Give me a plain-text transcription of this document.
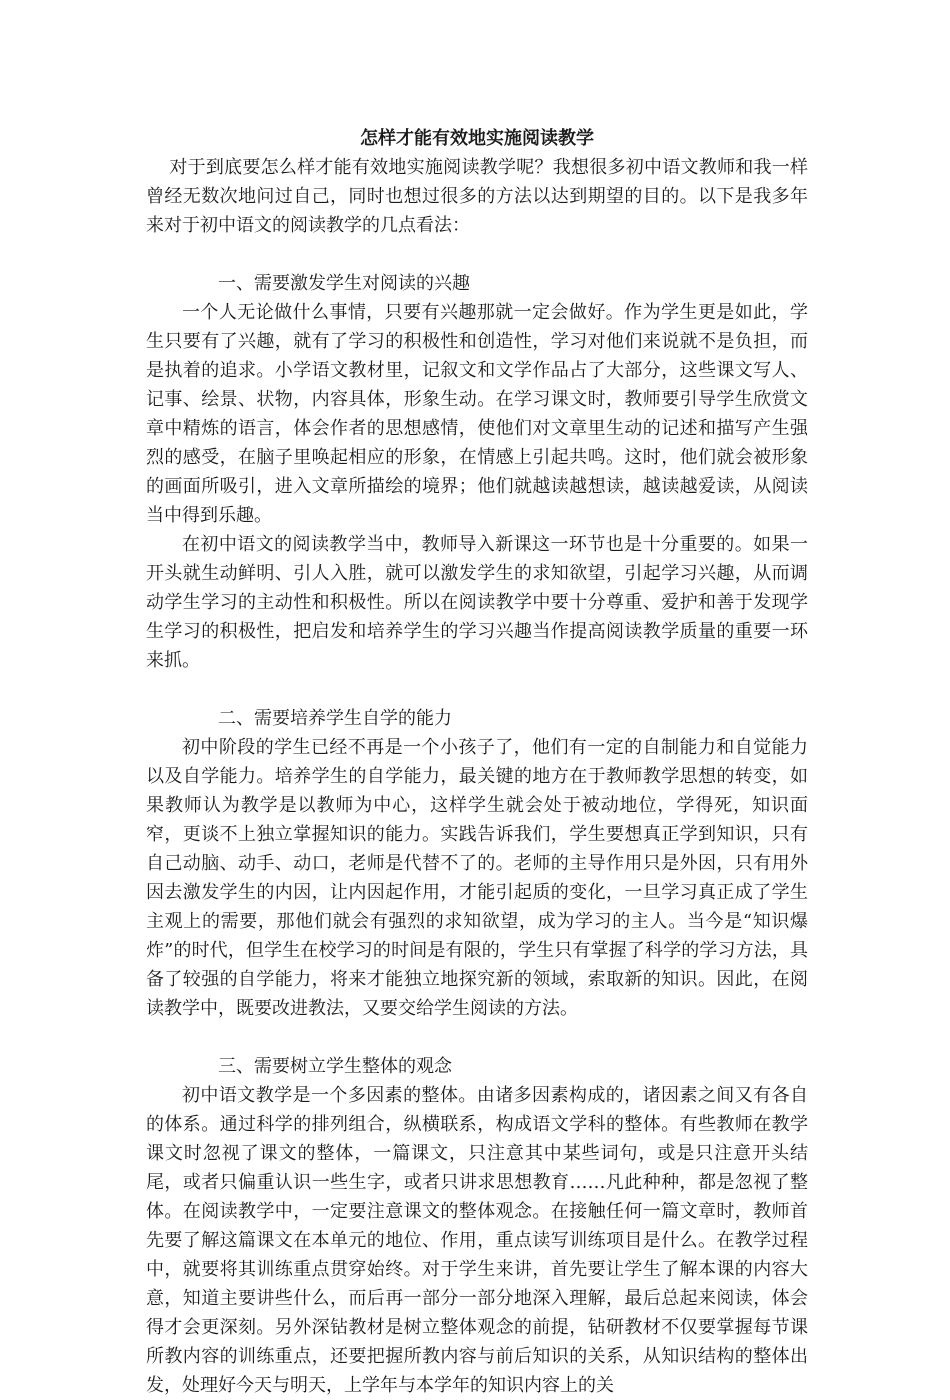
怎样才能有效地实施阅读教学

对于到底要怎么样才能有效地实施阅读教学呢？我想很多初中语文教师和我一样曾经无数次地问过自己，同时也想过很多的方法以达到期望的目的。以下是我多年来对于初中语文的阅读教学的几点看法：

一、需要激发学生对阅读的兴趣

一个人无论做什么事情，只要有兴趣那就一定会做好。作为学生更是如此，学生只要有了兴趣，就有了学习的积极性和创造性，学习对他们来说就不是负担，而是执着的追求。小学语文教材里，记叙文和文学作品占了大部分，这些课文写人、记事、绘景、状物，内容具体，形象生动。在学习课文时，教师要引导学生欣赏文章中精炼的语言，体会作者的思想感情，使他们对文章里生动的记述和描写产生强烈的感受，在脑子里唤起相应的形象，在情感上引起共鸣。这时，他们就会被形象的画面所吸引，进入文章所描绘的境界；他们就越读越想读，越读越爱读，从阅读当中得到乐趣。

在初中语文的阅读教学当中，教师导入新课这一环节也是十分重要的。如果一开头就生动鲜明、引人入胜，就可以激发学生的求知欲望，引起学习兴趣，从而调动学生学习的主动性和积极性。所以在阅读教学中要十分尊重、爱护和善于发现学生学习的积极性，把启发和培养学生的学习兴趣当作提高阅读教学质量的重要一环来抓。

二、需要培养学生自学的能力

初中阶段的学生已经不再是一个小孩子了，他们有一定的自制能力和自觉能力以及自学能力。培养学生的自学能力，最关键的地方在于教师教学思想的转变，如果教师认为教学是以教师为中心，这样学生就会处于被动地位，学得死，知识面窄，更谈不上独立掌握知识的能力。实践告诉我们，学生要想真正学到知识，只有自己动脑、动手、动口，老师是代替不了的。老师的主导作用只是外因，只有用外因去激发学生的内因，让内因起作用，才能引起质的变化，一旦学习真正成了学生主观上的需要，那他们就会有强烈的求知欲望，成为学习的主人。当今是“知识爆炸”的时代，但学生在校学习的时间是有限的，学生只有掌握了科学的学习方法，具备了较强的自学能力，将来才能独立地探究新的领域，索取新的知识。因此，在阅读教学中，既要改进教法，又要交给学生阅读的方法。

三、需要树立学生整体的观念

初中语文教学是一个多因素的整体。由诸多因素构成的，诸因素之间又有各自的体系。通过科学的排列组合，纵横联系，构成语文学科的整体。有些教师在教学课文时忽视了课文的整体，一篇课文，只注意其中某些词句，或是只注意开头结尾，或者只偏重认识一些生字，或者只讲求思想教育……凡此种种，都是忽视了整体。在阅读教学中，一定要注意课文的整体观念。在接触任何一篇文章时，教师首先要了解这篇课文在本单元的地位、作用，重点读写训练项目是什么。在教学过程中，就要将其训练重点贯穿始终。对于学生来讲，首先要让学生了解本课的内容大意，知道主要讲些什么，而后再一部分一部分地深入理解，最后总起来阅读，体会得才会更深刻。另外深钻教材是树立整体观念的前提，钻研教材不仅要掌握每节课所教内容的训练重点，还要把握所教内容与前后知识的关系，从知识结构的整体出发，处理好今天与明天，上学年与本学年的知识内容上的关
